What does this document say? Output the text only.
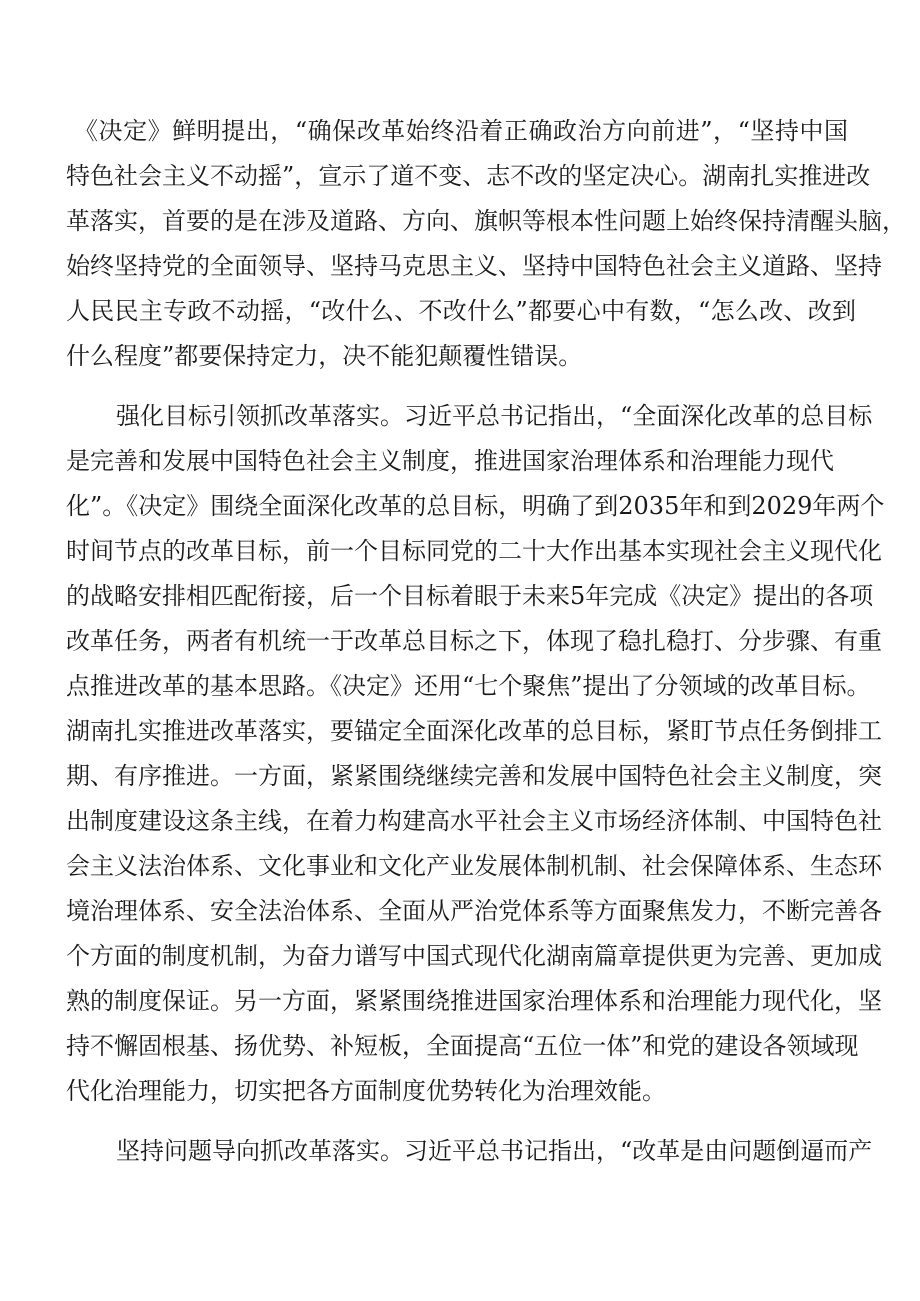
《决定》鲜明提出，“确保改革始终沿着正确政治方向前进”，“坚持中国
特色社会主义不动摇”，宣示了道不变、志不改的坚定决心。湖南扎实推进改
革落实，首要的是在涉及道路、方向、旗帜等根本性问题上始终保持清醒头脑，
始终坚持党的全面领导、坚持马克思主义、坚持中国特色社会主义道路、坚持
人民民主专政不动摇，“改什么、不改什么”都要心中有数，“怎么改、改到
什么程度”都要保持定力，决不能犯颠覆性错误。
强化目标引领抓改革落实。习近平总书记指出，“全面深化改革的总目标
是完善和发展中国特色社会主义制度，推进国家治理体系和治理能力现代
化”。《决定》围绕全面深化改革的总目标，明确了到2035年和到2029年两个
时间节点的改革目标，前一个目标同党的二十大作出基本实现社会主义现代化
的战略安排相匹配衔接，后一个目标着眼于未来5年完成《决定》提出的各项
改革任务，两者有机统一于改革总目标之下，体现了稳扎稳打、分步骤、有重
点推进改革的基本思路。《决定》还用“七个聚焦”提出了分领域的改革目标。
湖南扎实推进改革落实，要锚定全面深化改革的总目标，紧盯节点任务倒排工
期、有序推进。一方面，紧紧围绕继续完善和发展中国特色社会主义制度，突
出制度建设这条主线，在着力构建高水平社会主义市场经济体制、中国特色社
会主义法治体系、文化事业和文化产业发展体制机制、社会保障体系、生态环
境治理体系、安全法治体系、全面从严治党体系等方面聚焦发力，不断完善各
个方面的制度机制，为奋力谱写中国式现代化湖南篇章提供更为完善、更加成
熟的制度保证。另一方面，紧紧围绕推进国家治理体系和治理能力现代化，坚
持不懈固根基、扬优势、补短板，全面提高“五位一体”和党的建设各领域现
代化治理能力，切实把各方面制度优势转化为治理效能。
坚持问题导向抓改革落实。习近平总书记指出，“改革是由问题倒逼而产
